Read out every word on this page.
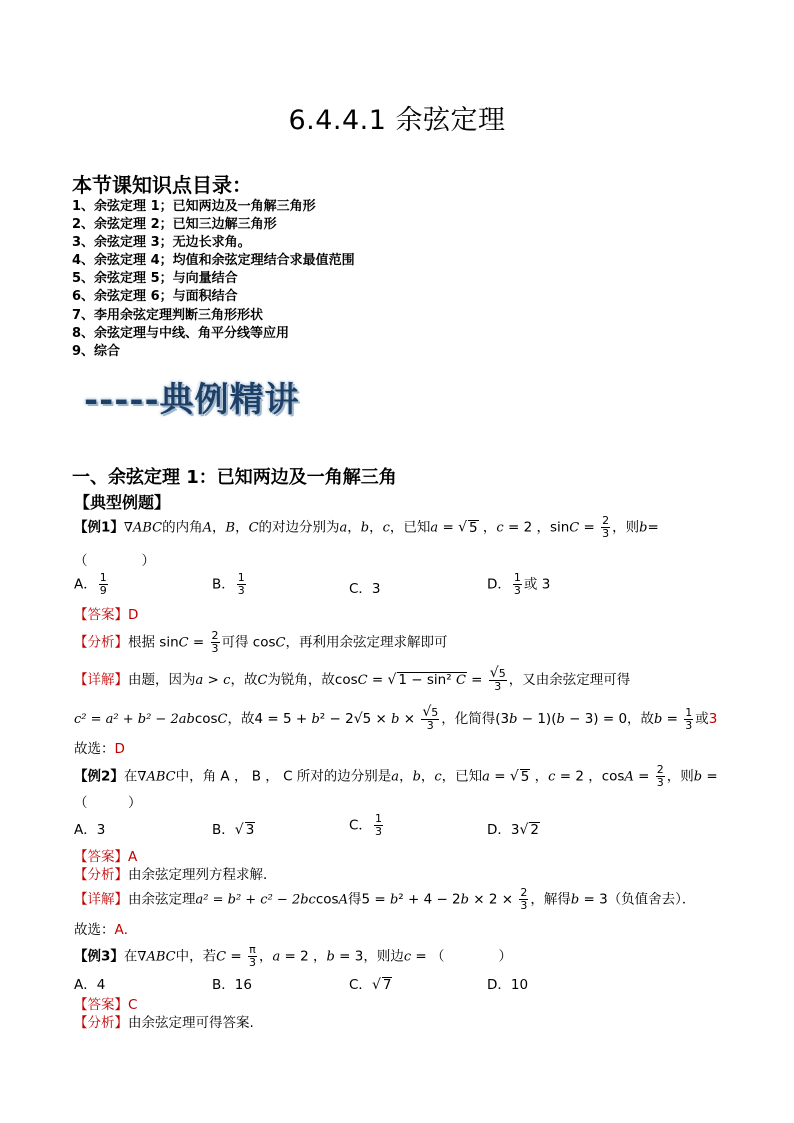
6.4.4.1 余弦定理
本节课知识点目录：
1、余弦定理 1；已知两边及一角解三角形
2、余弦定理 2；已知三边解三角形
3、余弦定理 3；无边长求角。
4、余弦定理 4；均值和余弦定理结合求最值范围
5、余弦定理 5；与向量结合
6、余弦定理 6；与面积结合
7、李用余弦定理判断三角形形状
8、余弦定理与中线、角平分线等应用
9、综合
-----典例精讲
一、余弦定理 1：已知两边及一角解三角
【典型例题】
【例1】∇ABC的内角A，B，C的对边分别为a，b，c，已知a = √ 5 ，c = 2 ，$\sin C = \frac{2}{3}$ ，则b=
（　　　　）
A． $\frac{1}{9}$	B． $\frac{1}{3}$	C．3	D． $\frac{1}{3}$ 或 3
【答案】D
【分析】根据 $\sin C = \frac{2}{3}$ 可得 cosC，再利用余弦定理求解即可
【详解】由题，因为a > c，故C为锐角，故cosC = √ 1 − sin² $C = \frac{√5}{3}$ ，又由余弦定理可得
c² = a² + b² − 2abcosC，故$4 = 5 + b^2 - 2√5 \times b \times \frac{√5}{3}$ ，化简得(3b − 1)(b − 3) = 0，故$b = \frac{1}{3}$ 或3
故选：D
【例2】在∇ABC中，角 A ， B ， C 所对的边分别是a，b，c，已知a = √ 5 ，c = 2 ，$\cos A = \frac{2}{3}$ ，则b =
（　　　）
A．3	B．√ 3	C． $\frac{1}{3}$	D．3√ 2
【答案】A
【分析】由余弦定理列方程求解．
【详解】由余弦定理a² = b² + c² − 2bccosA得$5 = b^2 + 4 - 2b \times 2 \times \frac{2}{3}$ ，解得b = 3（负值舍去）．
故选：A．
【例3】在∇ABC中，若$C = \frac{\pi}{3}$ ，a = 2 ，b = 3，则边c = （　　　　）
A．4	B．16	C．√ 7	D．10
【答案】C
【分析】由余弦定理可得答案.
